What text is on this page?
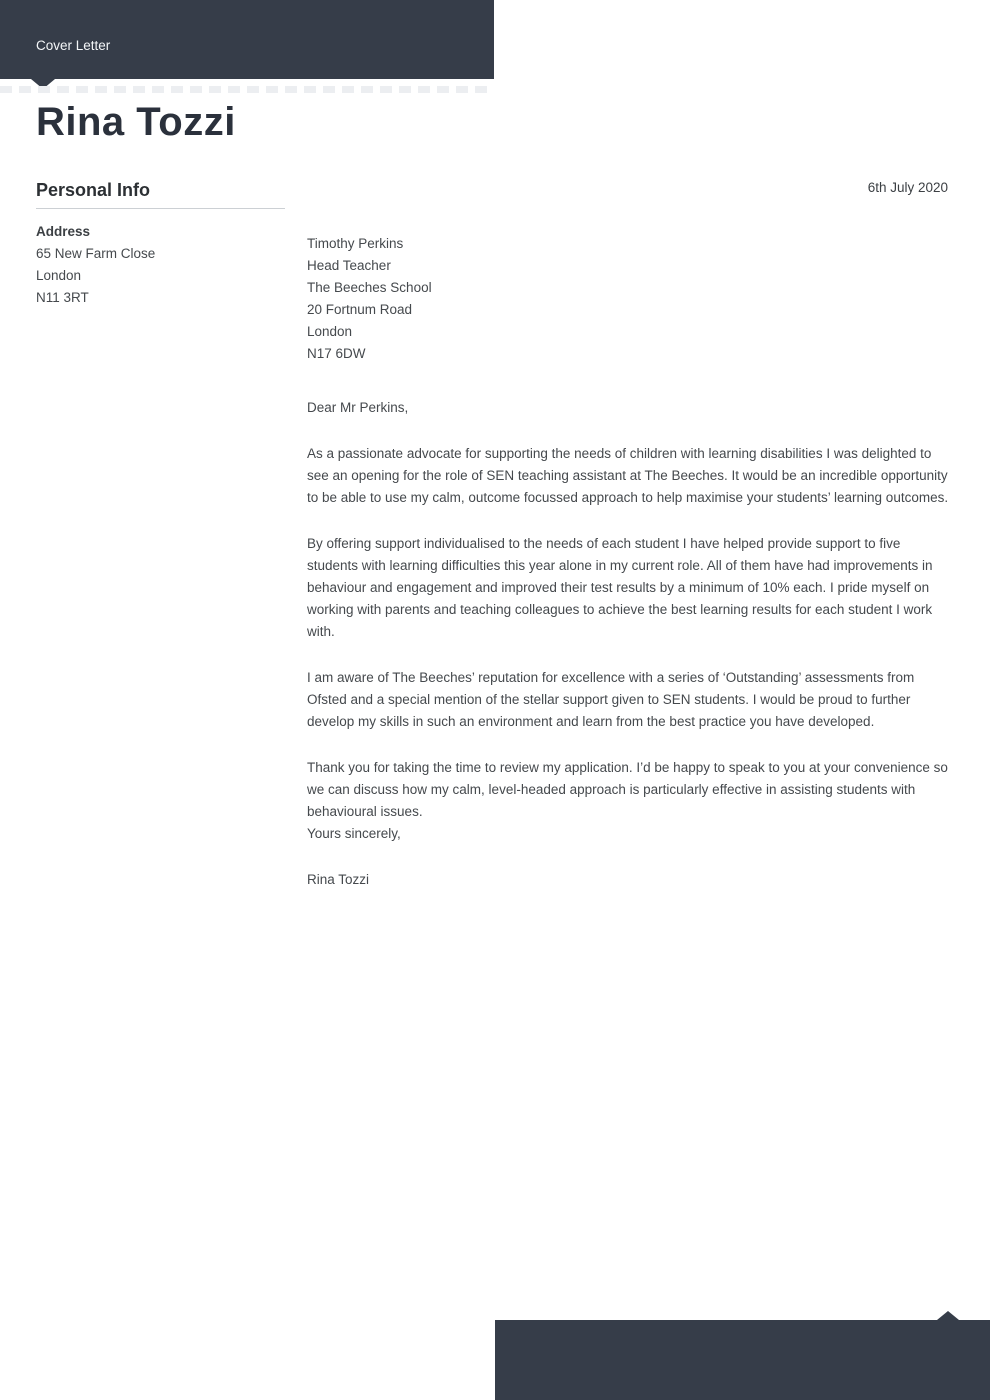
Cover Letter
Rina Tozzi
Personal Info
Address
65 New Farm Close
London
N11 3RT
6th July 2020
Timothy Perkins
Head Teacher
The Beeches School
20 Fortnum Road
London
N17 6DW

Dear Mr Perkins,

As a passionate advocate for supporting the needs of children with learning disabilities I was delighted to see an opening for the role of SEN teaching assistant at The Beeches. It would be an incredible opportunity to be able to use my calm, outcome focussed approach to help maximise your students’ learning outcomes.

By offering support individualised to the needs of each student I have helped provide support to five students with learning difficulties this year alone in my current role. All of them have had improvements in behaviour and engagement and improved their test results by a minimum of 10% each. I pride myself on working with parents and teaching colleagues to achieve the best learning results for each student I work with.

I am aware of The Beeches’ reputation for excellence with a series of ‘Outstanding’ assessments from Ofsted and a special mention of the stellar support given to SEN students. I would be proud to further develop my skills in such an environment and learn from the best practice you have developed.

Thank you for taking the time to review my application. I’d be happy to speak to you at your convenience so we can discuss how my calm, level-headed approach is particularly effective in assisting students with behavioural issues.

Yours sincerely,

Rina Tozzi
